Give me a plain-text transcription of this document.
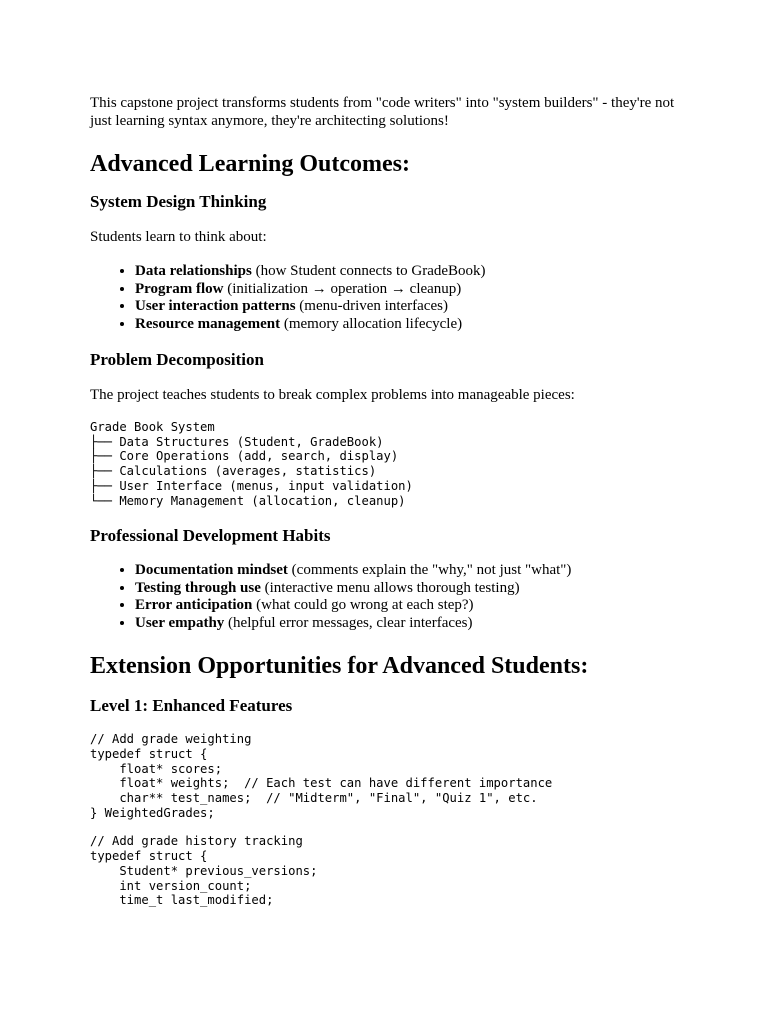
This capstone project transforms students from "code writers" into "system builders" - they're not just learning syntax anymore, they're architecting solutions!

Advanced Learning Outcomes:
System Design Thinking

Students learn to think about:

• Data relationships (how Student connects to GradeBook)
• Program flow (initialization → operation → cleanup)
• User interaction patterns (menu-driven interfaces)
• Resource management (memory allocation lifecycle)
Problem Decomposition

The project teaches students to break complex problems into manageable pieces:

Grade Book System
├── Data Structures (Student, GradeBook)
├── Core Operations (add, search, display)
├── Calculations (averages, statistics)
├── User Interface (menus, input validation)
└── Memory Management (allocation, cleanup)
Professional Development Habits
• Documentation mindset (comments explain the "why," not just "what")
• Testing through use (interactive menu allows thorough testing)
• Error anticipation (what could go wrong at each step?)
• User empathy (helpful error messages, clear interfaces)
Extension Opportunities for Advanced Students:
Level 1: Enhanced Features
// Add grade weighting
typedef struct {
float* scores;
float* weights;  // Each test can have different importance
char** test_names;  // "Midterm", "Final", "Quiz 1", etc.
} WeightedGrades;
// Add grade history tracking
typedef struct {
Student* previous_versions;
int version_count;
time_t last_modified;
